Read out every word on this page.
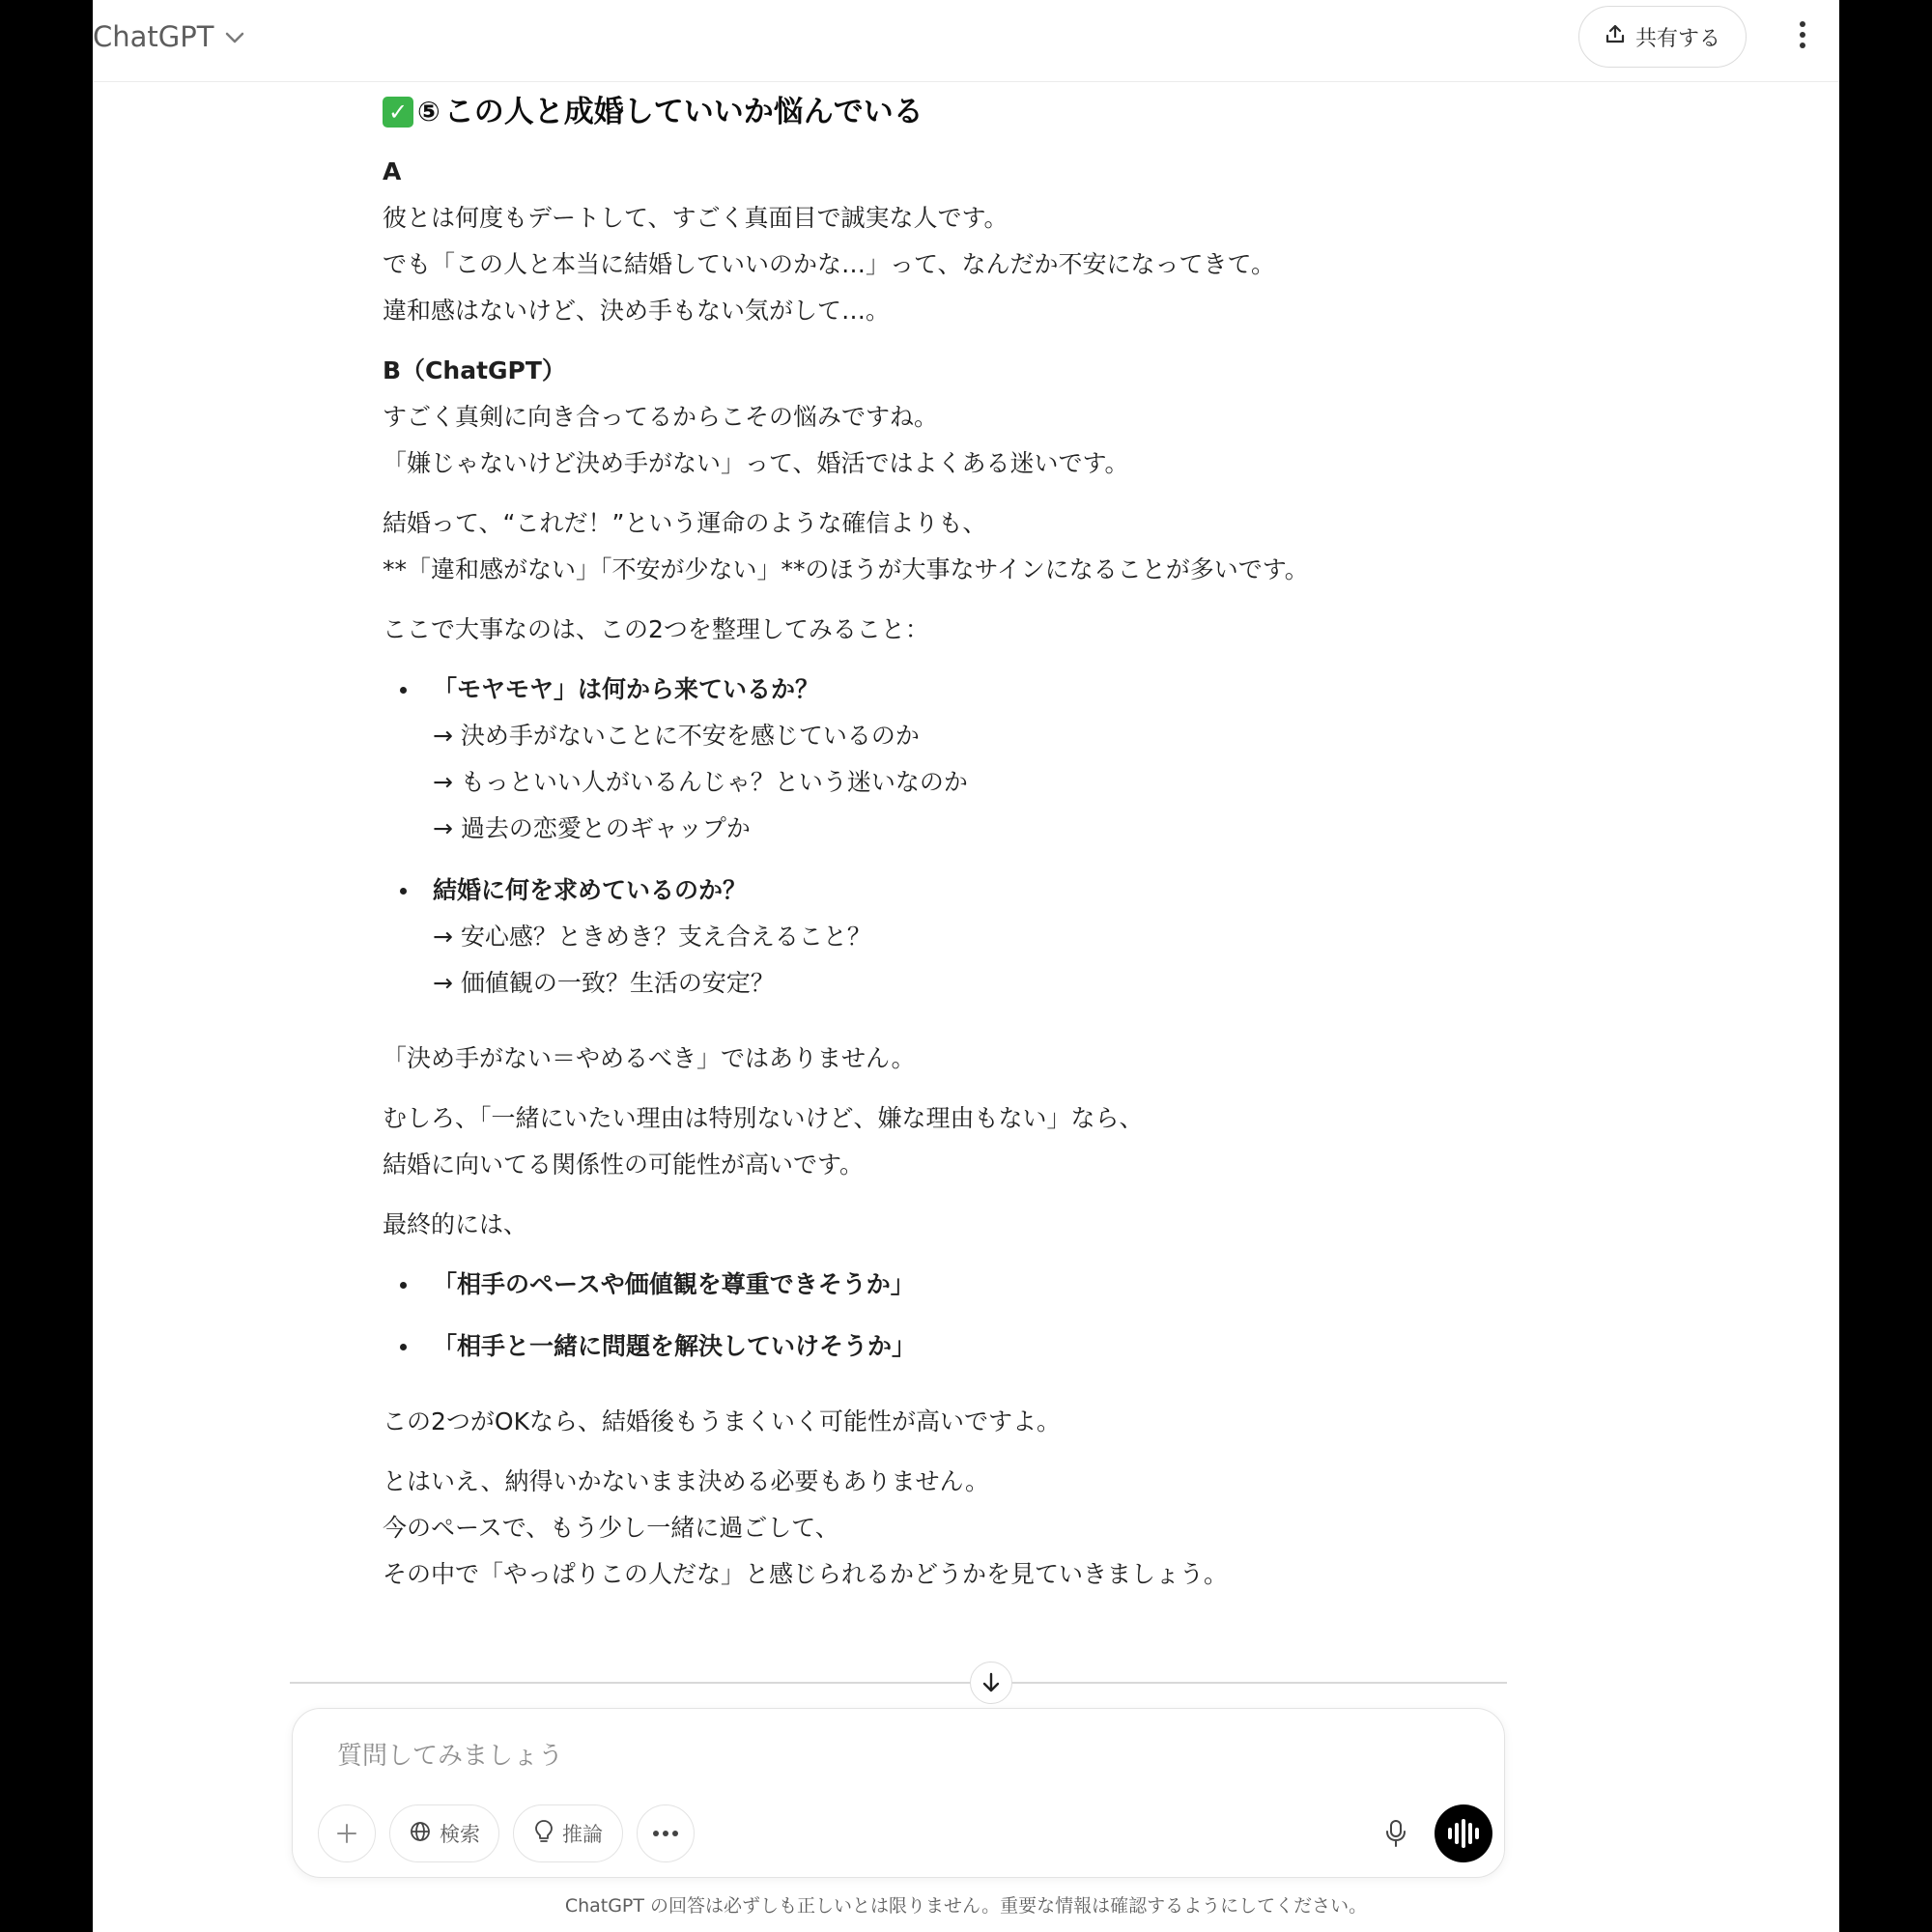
ChatGPT	共有する
✓ ⑤ この人と成婚していいか悩んでいる

A

彼とは何度もデートして、すごく真面目で誠実な人です。

でも「この人と本当に結婚していいのかな…」って、なんだか不安になってきて。

違和感はないけど、決め手もない気がして…。

B（ChatGPT）

すごく真剣に向き合ってるからこその悩みですね。

「嫌じゃないけど決め手がない」って、婚活ではよくある迷いです。

結婚って、“これだ！”という運命のような確信よりも、

**「違和感がない」「不安が少ない」**のほうが大事なサインになることが多いです。

ここで大事なのは、この2つを整理してみること：

「モヤモヤ」は何から来ているか？

→ 決め手がないことに不安を感じているのか

→ もっといい人がいるんじゃ？という迷いなのか

→ 過去の恋愛とのギャップか

結婚に何を求めているのか？

→ 安心感？ときめき？支え合えること？

→ 価値観の一致？生活の安定？

「決め手がない＝やめるべき」ではありません。

むしろ、「一緒にいたい理由は特別ないけど、嫌な理由もない」なら、

結婚に向いてる関係性の可能性が高いです。

最終的には、

「相手のペースや価値観を尊重できそうか」
「相手と一緒に問題を解決していけそうか」

この2つがOKなら、結婚後もうまくいく可能性が高いですよ。

とはいえ、納得いかないまま決める必要もありません。

今のペースで、もう少し一緒に過ごして、

その中で「やっぱりこの人だな」と感じられるかどうかを見ていきましょう。

質問してみましょう
検索	推論
ChatGPT の回答は必ずしも正しいとは限りません。重要な情報は確認するようにしてください。
